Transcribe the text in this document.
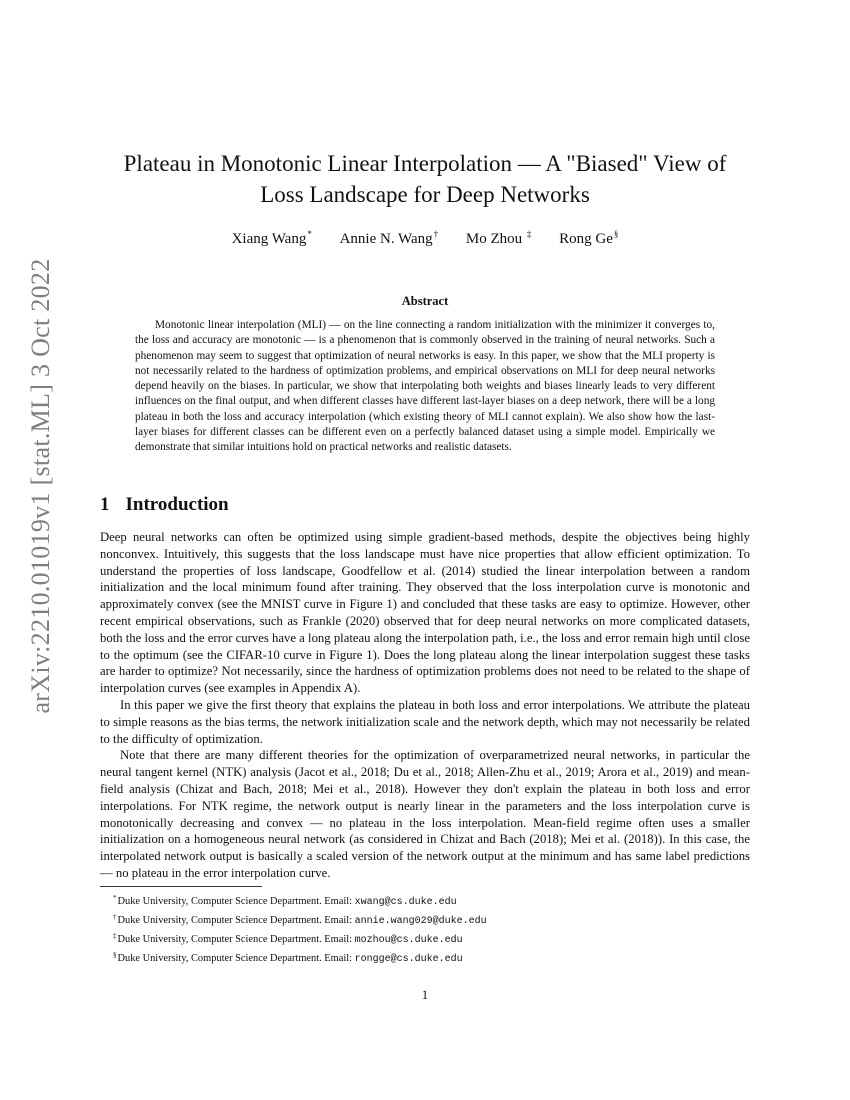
arXiv:2210.01019v1 [stat.ML] 3 Oct 2022
Plateau in Monotonic Linear Interpolation — A "Biased" View of Loss Landscape for Deep Networks
Xiang Wang* Annie N. Wang† Mo Zhou ‡ Rong Ge§
Abstract

Monotonic linear interpolation (MLI) — on the line connecting a random initialization with the minimizer it converges to, the loss and accuracy are monotonic — is a phenomenon that is commonly observed in the training of neural networks. Such a phenomenon may seem to suggest that optimization of neural networks is easy. In this paper, we show that the MLI property is not necessarily related to the hardness of optimization problems, and empirical observations on MLI for deep neural networks depend heavily on the biases. In particular, we show that interpolating both weights and biases linearly leads to very different influences on the final output, and when different classes have different last-layer biases on a deep network, there will be a long plateau in both the loss and accuracy interpolation (which existing theory of MLI cannot explain). We also show how the last-layer biases for different classes can be different even on a perfectly balanced dataset using a simple model. Empirically we demonstrate that similar intuitions hold on practical networks and realistic datasets.

1 Introduction

Deep neural networks can often be optimized using simple gradient-based methods, despite the objectives being highly nonconvex. Intuitively, this suggests that the loss landscape must have nice properties that allow efficient optimization. To understand the properties of loss landscape, Goodfellow et al. (2014) studied the linear interpolation between a random initialization and the local minimum found after training. They observed that the loss interpolation curve is monotonic and approximately convex (see the MNIST curve in Figure 1) and concluded that these tasks are easy to optimize. However, other recent empirical observations, such as Frankle (2020) observed that for deep neural networks on more complicated datasets, both the loss and the error curves have a long plateau along the interpolation path, i.e., the loss and error remain high until close to the optimum (see the CIFAR-10 curve in Figure 1). Does the long plateau along the linear interpolation suggest these tasks are harder to optimize? Not necessarily, since the hardness of optimization problems does not need to be related to the shape of interpolation curves (see examples in Appendix A).

In this paper we give the first theory that explains the plateau in both loss and error interpolations. We attribute the plateau to simple reasons as the bias terms, the network initialization scale and the network depth, which may not necessarily be related to the difficulty of optimization.

Note that there are many different theories for the optimization of overparametrized neural networks, in particular the neural tangent kernel (NTK) analysis (Jacot et al., 2018; Du et al., 2018; Allen-Zhu et al., 2019; Arora et al., 2019) and mean-field analysis (Chizat and Bach, 2018; Mei et al., 2018). However they don't explain the plateau in both loss and error interpolations. For NTK regime, the network output is nearly linear in the parameters and the loss interpolation curve is monotonically decreasing and convex — no plateau in the loss interpolation. Mean-field regime often uses a smaller initialization on a homogeneous neural network (as considered in Chizat and Bach (2018); Mei et al. (2018)). In this case, the interpolated network output is basically a scaled version of the network output at the minimum and has same label predictions — no plateau in the error interpolation curve.

*Duke University, Computer Science Department. Email: xwang@cs.duke.edu
†Duke University, Computer Science Department. Email: annie.wang029@duke.edu
‡Duke University, Computer Science Department. Email: mozhou@cs.duke.edu
§Duke University, Computer Science Department. Email: rongge@cs.duke.edu
1
